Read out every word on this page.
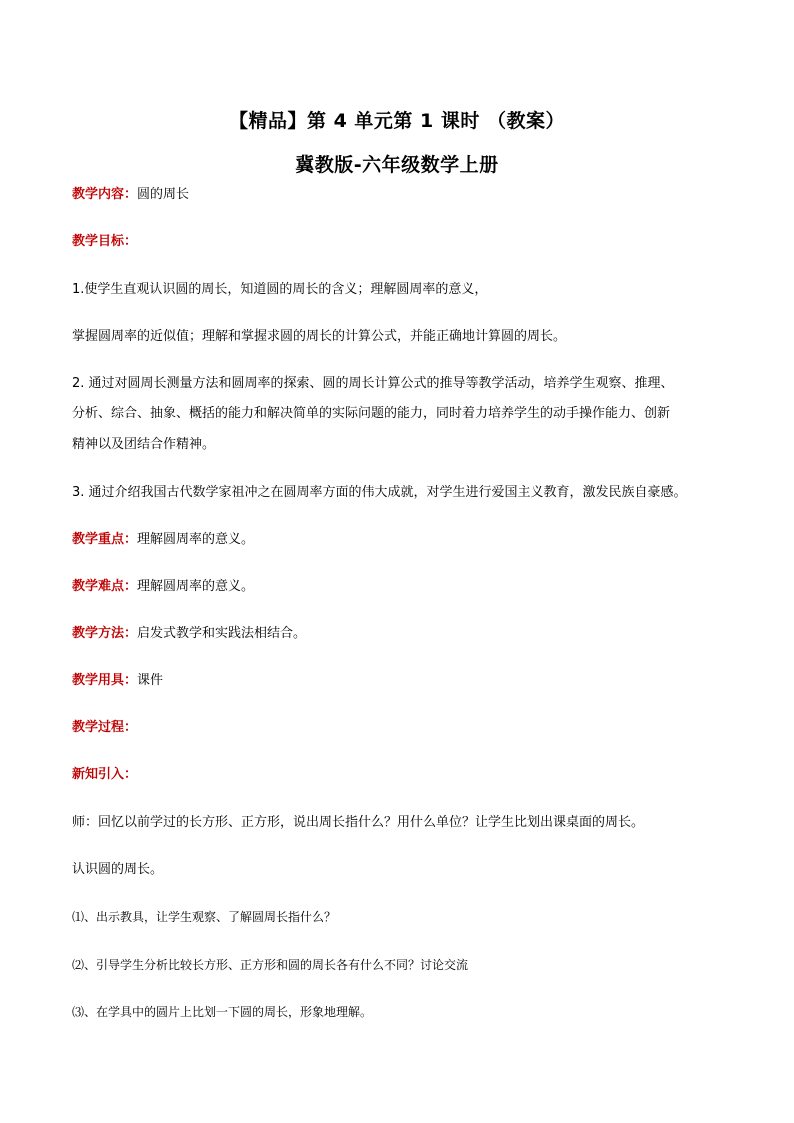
【精品】第 4 单元第 1 课时 （教案）
冀教版-六年级数学上册
教学内容：圆的周长
教学目标：
1.使学生直观认识圆的周长，知道圆的周长的含义；理解圆周率的意义，
掌握圆周率的近似值；理解和掌握求圆的周长的计算公式，并能正确地计算圆的周长。
2. 通过对圆周长测量方法和圆周率的探索、圆的周长计算公式的推导等教学活动，培养学生观察、推理、
分析、综合、抽象、概括的能力和解决简单的实际问题的能力，同时着力培养学生的动手操作能力、创新
精神以及团结合作精神。
3. 通过介绍我国古代数学家祖冲之在圆周率方面的伟大成就，对学生进行爱国主义教育，激发民族自豪感。
教学重点：理解圆周率的意义。
教学难点：理解圆周率的意义。
教学方法：启发式教学和实践法相结合。
教学用具：课件
教学过程：
新知引入：
师：回忆以前学过的长方形、正方形，说出周长指什么？用什么单位？让学生比划出课桌面的周长。
认识圆的周长。
⑴、出示教具，让学生观察、了解圆周长指什么？
⑵、引导学生分析比较长方形、正方形和圆的周长各有什么不同？讨论交流
⑶、在学具中的圆片上比划一下圆的周长，形象地理解。
